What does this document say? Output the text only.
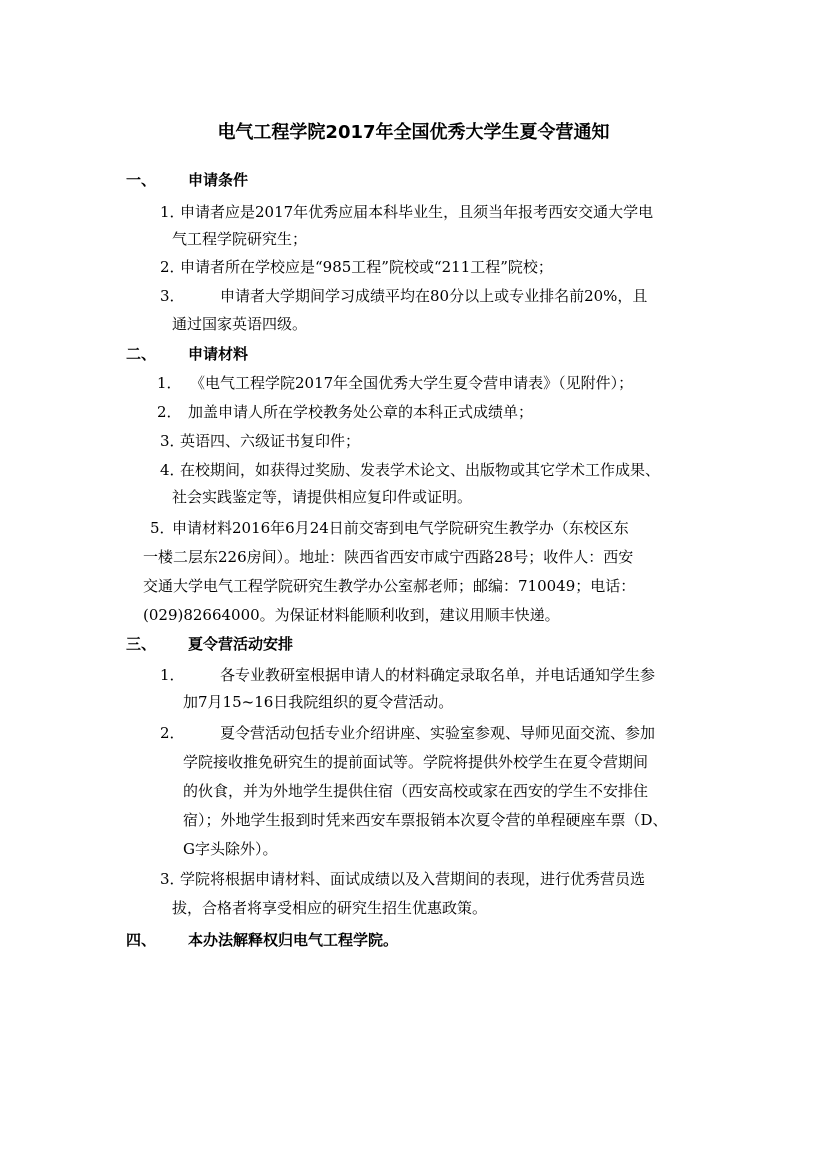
电气工程学院2017年全国优秀大学生夏令营通知
一、 申请条件
1．
申请者应是2017年优秀应届本科毕业生，且须当年报考西安交通大学电
气工程学院研究生；
2．
申请者所在学校应是“985工程”院校或“211工程”院校；
3． 申请者大学期间学习成绩平均在80分以上或专业排名前20%，且
通过国家英语四级。
二、 申请材料
1． 《电气工程学院2017年全国优秀大学生夏令营申请表》（见附件）；
2． 加盖申请人所在学校教务处公章的本科正式成绩单；
3．
英语四、六级证书复印件；
4．
在校期间，如获得过奖励、发表学术论文、出版物或其它学术工作成果、
社会实践鉴定等，请提供相应复印件或证明。
5．
申请材料2016年6月24日前交寄到电气学院研究生教学办（东校区东
一楼二层东226房间）。地址：陕西省西安市咸宁西路28号；收件人：西安
交通大学电气工程学院研究生教学办公室郝老师；邮编：710049；电话：
(029)82664000。为保证材料能顺利收到，建议用顺丰快递。
三、 夏令营活动安排
1． 各专业教研室根据申请人的材料确定录取名单，并电话通知学生参
加7月15~16日我院组织的夏令营活动。
2． 夏令营活动包括专业介绍讲座、实验室参观、导师见面交流、参加
学院接收推免研究生的提前面试等。学院将提供外校学生在夏令营期间
的伙食，并为外地学生提供住宿（西安高校或家在西安的学生不安排住
宿）；外地学生报到时凭来西安车票报销本次夏令营的单程硬座车票（D、
G字头除外）。
3．
学院将根据申请材料、面试成绩以及入营期间的表现，进行优秀营员选
拔，合格者将享受相应的研究生招生优惠政策。
四、 本办法解释权归电气工程学院。
